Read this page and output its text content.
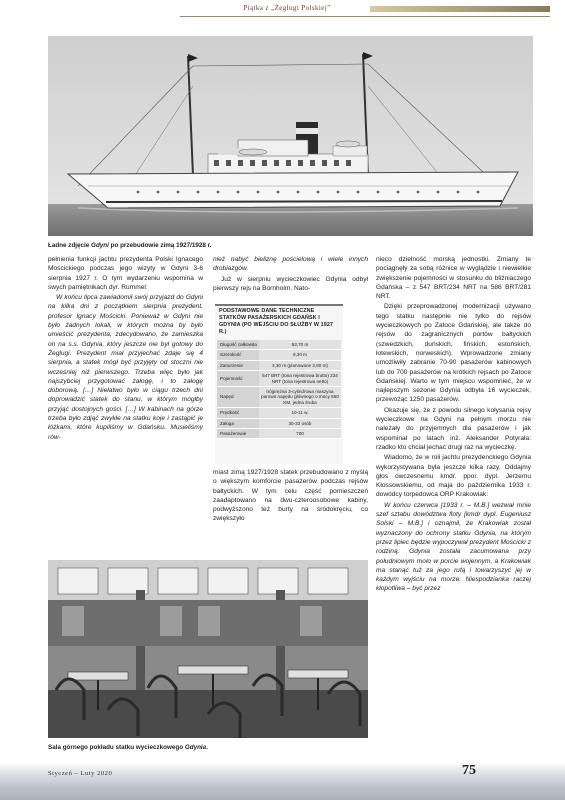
Piątka z „Żeglugi Polskiej”
Ładne zdjęcie Gdyni po przebudowie zimą 1927/1928 r.

pełnienia funkcji jachtu prezydenta Polski Ignacego Mościckiego podczas jego wizyty w Gdyni 3-6 sierpnia 1927 r. O tym wydarzeniu wspomina w swych pamiętnikach dyr. Rummel:

W końcu lipca zawiadomił swój przyjazd do Gdyni na kilka dni z początkiem sierpnia prezydent, profesor Ignacy Mościcki. Ponieważ w Gdyni nie było żadnych lokali, w których można by było umieścić prezydenta, zdecydowano, że zamieszka on na s.s. Gdynia, który jeszcze nie był gotowy do Żeglugi. Prezydent miał przyjechać zdaje się 4 sierpnia, a statek mógł być przyjęty od stoczni nie wcześniej niż pierwszego. Trzeba więc było jak najszybciej przygotować załogę, i to załogę doborową. […] Niełatwo było w ciągu trzech dni doprowadzić statek do stanu, w którym mógłby przyjąć dostojnych gości. […] W kabinach na górze trzeba było zdjąć zwykłe na statku koje i zastąpić je łóżkami, które kupiliśmy w Gdańsku. Musieliśmy rów-

nież nabyć bieliznę pościelową i wiele innych drobiazgów.

Już w sierpniu wycieczkowiec Gdynia odbył pierwszy rejs na Bornholm. Nato-

PODSTAWOWE DANE TECHNICZNE STATKÓW PASAŻERSKICH GDAŃSK I GDYNIA (PO WEJŚCIU DO SŁUŻBY W 1927 R.)
Długość całkowita	53,70 m
Szerokość	9,30 m
Zanurzenie	3,30 m (planowane 2,60 m)
Pojemność	547 BRT (tona rejestrowa brutto) 234 NRT (tona rejestrowa netto)
Napęd	trójprężna 3-cylindrowa maszyna parowa napędu głównego o mocy 650 KM, jedna śruba
Prędkość	10-11 w.
Załoga	30-32 osób
Pasażerowie	700

miast zimą 1927/1928 statek przebudowano z myślą o większym komforcie pasażerów podczas rejsów bałtyckich. W tym celu część pomieszczeń zaadaptowano na dwu-czteroosobowe kabiny, podwyższono też burty na śródokręciu, co zwiększyło

nieco dzielność morską jednostki. Zmiany te pociągnęły za sobą różnice w wyglądzie i niewielkie zwiększenie pojemności w stosunku do bliźniaczego Gdańska – z 547 BRT/234 NRT na 586 BRT/281 NRT.

Dzięki przeprowadzonej modernizacji używano tego statku następnie nie tylko do rejsów wycieczkowych po Zatoce Gdańskiej, ale także do rejsów do zagranicznych portów bałtyckich (szwedzkich, duńskich, fińskich, estońskich, łotewskich, norweskich). Wprowadzone zmiany umożliwiły zabranie 70-90 pasażerów kabinowych lub do 700 pasażerów na krótkich rejsach po Zatoce Gdańskiej. Warto w tym miejscu wspomnieć, że w najlepszym sezonie Gdynia odbyła 16 wycieczek, przewożąc 1250 pasażerów.

Okazuje się, że z powodu silnego kołysania rejsy wycieczkowe na Gdyni na pełnym morzu nie należały do przyjemnych dla pasażerów i jak wspominał po latach inż. Aleksander Potyrała: rzadko kto chciał jechać drugi raz na wycieczkę.

Wiadomo, że w roli jachtu prezydenckiego Gdynia wykorzystywana była jeszcze kilka razy. Oddajmy głos ówczesnemu kmdr. ppor. dypl. Jerzemu Kłossowskiemu, od maja do października 1933 r. dowódcy torpedowca ORP Krakowiak:

W końcu czerwca [1933 r. – M.B.] wezwał mnie szef sztabu dowództwa floty [kmdr dypl. Eugeniusz Solski – M.B.] i oznajmił, że Krakowiak został wyznaczony do ochrony statku Gdynia, na którym przez lipiec będzie wypoczywał prezydent Mościcki z rodziną. Gdynia została zacumowana przy południowym molo w porcie wojennym, a Krakowiak ma stanąć tuż za jego rufą i towarzyszyć jej w każdym wyjściu na morze. Niespodzianka raczej kłopotliwa – być przez

Sala górnego pokładu statku wycieczkowego Gdynia.
Styczeń – Luty 2020	75
